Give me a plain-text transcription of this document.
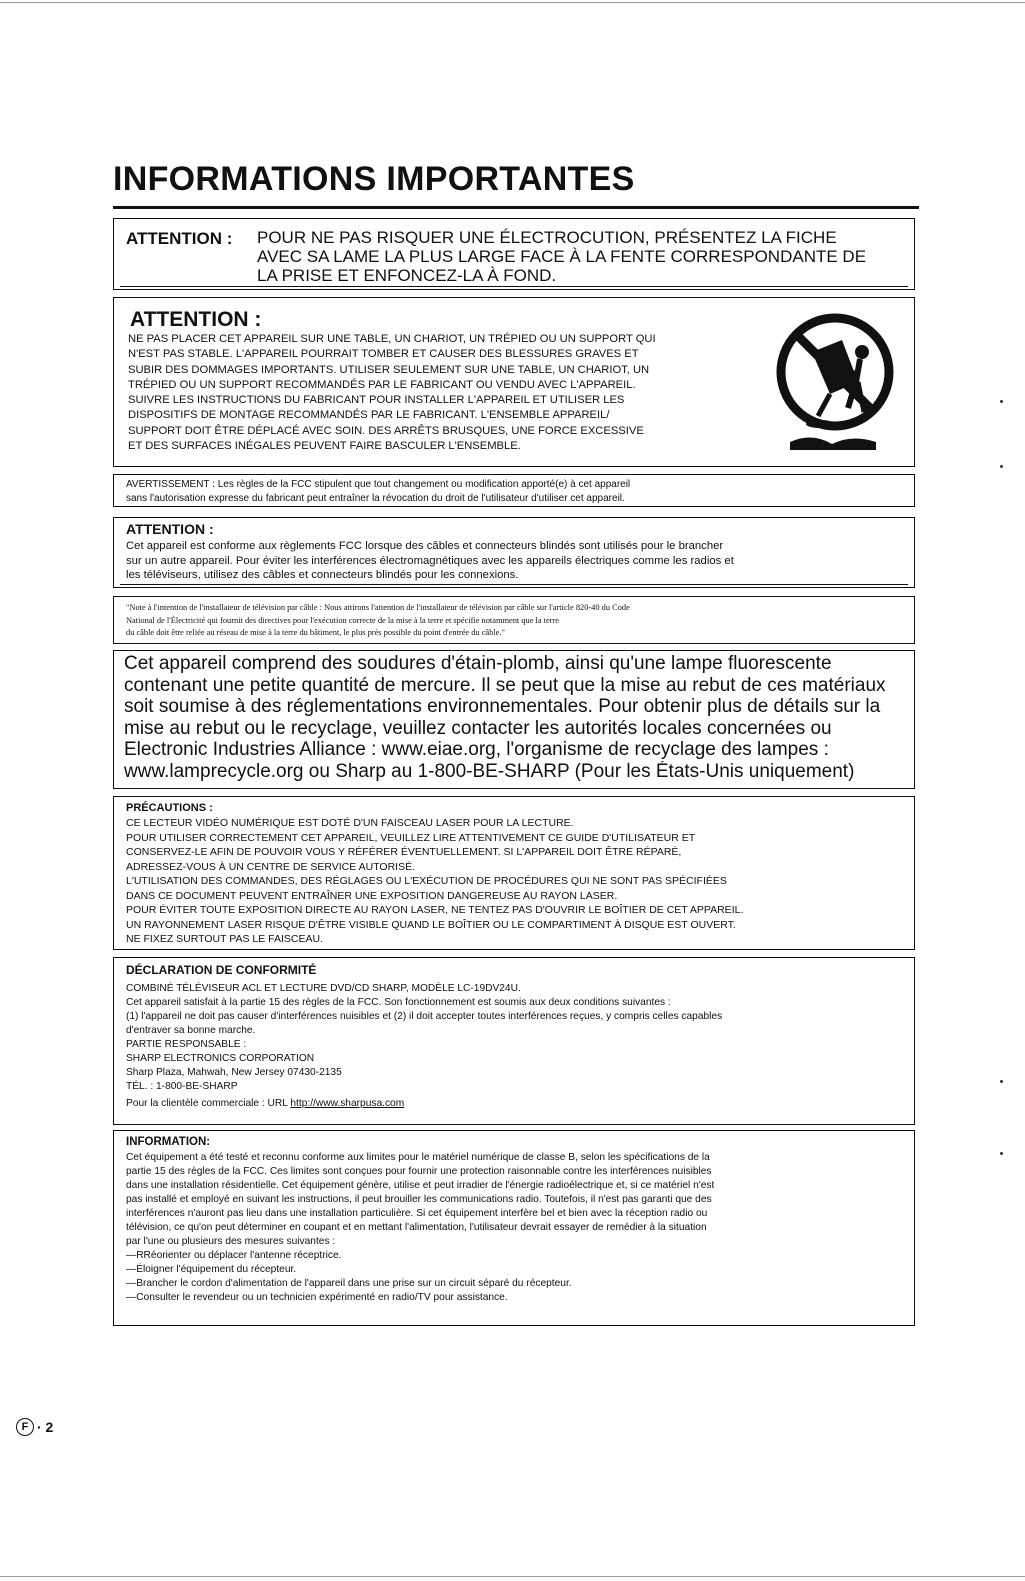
INFORMATIONS IMPORTANTES
ATTENTION : POUR NE PAS RISQUER UNE ÉLECTROCUTION, PRÉSENTEZ LA FICHE
AVEC SA LAME LA PLUS LARGE FACE À LA FENTE CORRESPONDANTE DE
LA PRISE ET ENFONCEZ-LA À FOND.
ATTENTION :
NE PAS PLACER CET APPAREIL SUR UNE TABLE, UN CHARIOT, UN TRÉPIED OU UN SUPPORT QUI
N'EST PAS STABLE. L'APPAREIL POURRAIT TOMBER ET CAUSER DES BLESSURES GRAVES ET
SUBIR DES DOMMAGES IMPORTANTS. UTILISER SEULEMENT SUR UNE TABLE, UN CHARIOT, UN
TRÉPIED OU UN SUPPORT RECOMMANDÉS PAR LE FABRICANT OU VENDU AVEC L'APPAREIL.
SUIVRE LES INSTRUCTIONS DU FABRICANT POUR INSTALLER L'APPAREIL ET UTILISER LES
DISPOSITIFS DE MONTAGE RECOMMANDÉS PAR LE FABRICANT. L'ENSEMBLE APPAREIL/
SUPPORT DOIT ÊTRE DÉPLACÉ AVEC SOIN. DES ARRÊTS BRUSQUES, UNE FORCE EXCESSIVE
ET DES SURFACES INÉGALES PEUVENT FAIRE BASCULER L'ENSEMBLE.
AVERTISSEMENT : Les règles de la FCC stipulent que tout changement ou modification apporté(e) à cet appareil
sans l'autorisation expresse du fabricant peut entraîner la révocation du droit de l'utilisateur d'utiliser cet appareil.
ATTENTION :
Cet appareil est conforme aux règlements FCC lorsque des câbles et connecteurs blindés sont utilisés pour le brancher
sur un autre appareil. Pour éviter les interférences électromagnétiques avec les appareils électriques comme les radios et
les téléviseurs, utilisez des câbles et connecteurs blindés pour les connexions.
"Note à l'intention de l'installateur de télévision par câble : Nous attirons l'attention de l'installateur de télévision par câble sur l'article 820-40 du Code
National de l'Électricité qui fournit des directives pour l'exécution correcte de la mise à la terre et spécifie notamment que la terre
du câble doit être reliée au réseau de mise à la terre du bâtiment, le plus près possible du point d'entrée du câble."
Cet appareil comprend des soudures d'étain-plomb, ainsi qu'une lampe fluorescente
contenant une petite quantité de mercure. Il se peut que la mise au rebut de ces matériaux
soit soumise à des réglementations environnementales. Pour obtenir plus de détails sur la
mise au rebut ou le recyclage, veuillez contacter les autorités locales concernées ou
Electronic Industries Alliance : www.eiae.org, l'organisme de recyclage des lampes :
www.lamprecycle.org ou Sharp au 1-800-BE-SHARP (Pour les États-Unis uniquement)
PRÉCAUTIONS :
CE LECTEUR VIDÉO NUMÉRIQUE EST DOTÉ D'UN FAISCEAU LASER POUR LA LECTURE.
POUR UTILISER CORRECTEMENT CET APPAREIL, VEUILLEZ LIRE ATTENTIVEMENT CE GUIDE D'UTILISATEUR ET
CONSERVEZ-LE AFIN DE POUVOIR VOUS Y RÉFÉRER ÉVENTUELLEMENT. SI L'APPAREIL DOIT ÊTRE RÉPARÉ,
ADRESSEZ-VOUS À UN CENTRE DE SERVICE AUTORISÉ.
L'UTILISATION DES COMMANDES, DES RÉGLAGES OU L'EXÉCUTION DE PROCÉDURES QUI NE SONT PAS SPÉCIFIÉES
DANS CE DOCUMENT PEUVENT ENTRAÎNER UNE EXPOSITION DANGEREUSE AU RAYON LASER.
POUR ÉVITER TOUTE EXPOSITION DIRECTE AU RAYON LASER, NE TENTEZ PAS D'OUVRIR LE BOÎTIER DE CET APPAREIL.
UN RAYONNEMENT LASER RISQUE D'ÊTRE VISIBLE QUAND LE BOÎTIER OU LE COMPARTIMENT À DISQUE EST OUVERT.
NE FIXEZ SURTOUT PAS LE FAISCEAU.
DÉCLARATION DE CONFORMITÉ
COMBINÉ TÉLÉVISEUR ACL ET LECTURE DVD/CD SHARP, MODÈLE LC-19DV24U.
Cet appareil satisfait à la partie 15 des règles de la FCC. Son fonctionnement est soumis aux deux conditions suivantes :
(1) l'appareil ne doit pas causer d'interférences nuisibles et (2) il doit accepter toutes interférences reçues, y compris celles capables
d'entraver sa bonne marche.
PARTIE RESPONSABLE :
SHARP ELECTRONICS CORPORATION
Sharp Plaza, Mahwah, New Jersey 07430-2135
TÉL. : 1-800-BE-SHARP
Pour la clientèle commerciale : URL http://www.sharpusa.com
INFORMATION:
Cet équipement a été testé et reconnu conforme aux limites pour le matériel numérique de classe B, selon les spécifications de la
partie 15 des règles de la FCC. Ces limites sont conçues pour fournir une protection raisonnable contre les interférences nuisibles
dans une installation résidentielle. Cet équipement génère, utilise et peut irradier de l'énergie radioélectrique et, si ce matériel n'est
pas installé et employé en suivant les instructions, il peut brouiller les communications radio. Toutefois, il n'est pas garanti que des
interférences n'auront pas lieu dans une installation particulière. Si cet équipement interfère bel et bien avec la réception radio ou
télévision, ce qu'on peut déterminer en coupant et en mettant l'alimentation, l'utilisateur devrait essayer de remédier à la situation
par l'une ou plusieurs des mesures suivantes :
—RRéorienter ou déplacer l'antenne réceptrice.
—Éloigner l'équipement du récepteur.
—Brancher le cordon d'alimentation de l'appareil dans une prise sur un circuit séparé du récepteur.
—Consulter le revendeur ou un technicien expérimenté en radio/TV pour assistance.
F · 2
